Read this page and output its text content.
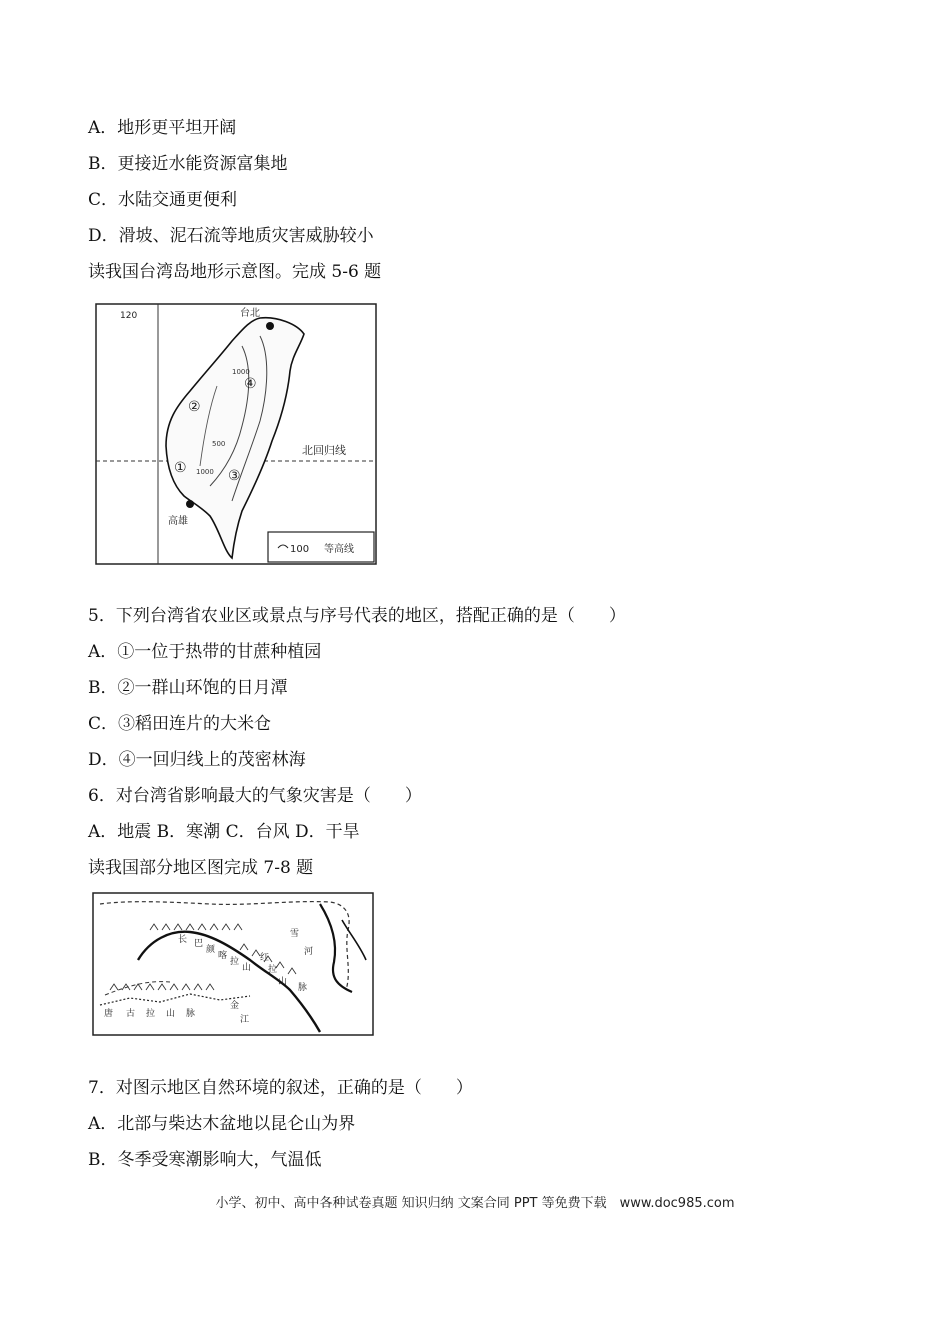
A．地形更平坦开阔
B．更接近水能资源富集地
C．水陆交通更便利
D．滑坡、泥石流等地质灾害威胁较小
读我国台湾岛地形示意图。完成 5-6 题
120	台北
高雄
北回归线
①
②
③
④
1000
500
1000
100 等高线
5．下列台湾省农业区或景点与序号代表的地区，搭配正确的是（　　）
A．①一位于热带的甘蔗种植园
B．②一群山环饱的日月潭
C．③稻田连片的大米仓
D．④一回归线上的茂密林海
6．对台湾省影响最大的气象灾害是（　　）
A．地震 B．寒潮 C．台风 D．干旱
读我国部分地区图完成 7-8 题
长 巴
颜
喀
拉
山
红
拉
山
金
江
雪
河
脉
唐 古 拉 山 脉
7．对图示地区自然环境的叙述，正确的是（　　）
A．北部与柴达木盆地以昆仑山为界
B．冬季受寒潮影响大，气温低
小学、初中、高中各种试卷真题 知识归纳 文案合同 PPT 等免费下载　www.doc985.com
